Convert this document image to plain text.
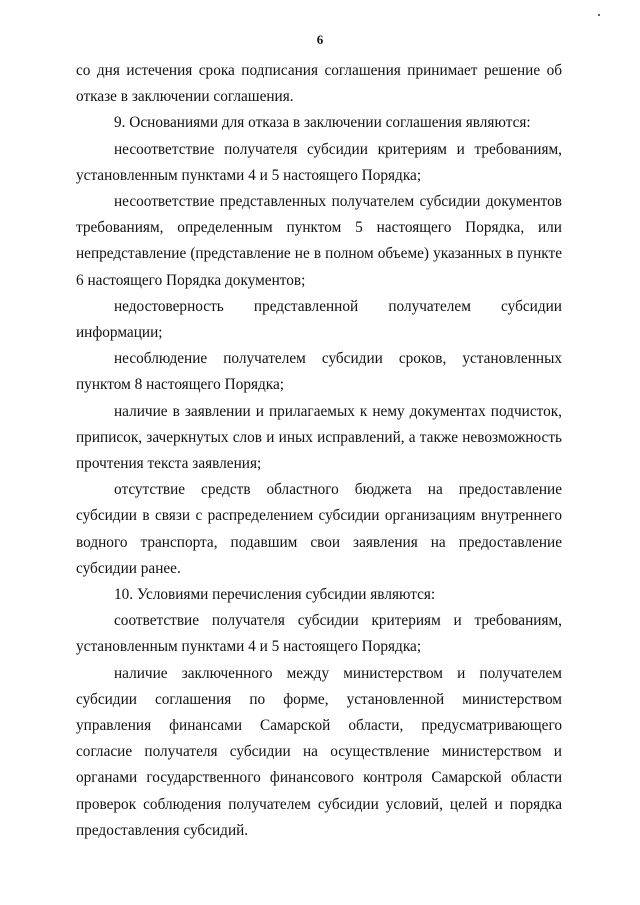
6

со дня истечения срока подписания соглашения принимает решение об отказе в заключении соглашения.

9. Основаниями для отказа в заключении соглашения являются:

несоответствие получателя субсидии критериям и требованиям, установленным пунктами 4 и 5 настоящего Порядка;

несоответствие представленных получателем субсидии документов требованиям, определенным пунктом 5 настоящего Порядка, или непредставление (представление не в полном объеме) указанных в пункте 6 настоящего Порядка документов;

недостоверность представленной получателем субсидии информации;

несоблюдение получателем субсидии сроков, установленных пунктом 8 настоящего Порядка;

наличие в заявлении и прилагаемых к нему документах подчисток, приписок, зачеркнутых слов и иных исправлений, а также невозможность прочтения текста заявления;

отсутствие средств областного бюджета на предоставление субсидии в связи с распределением субсидии организациям внутреннего водного транспорта, подавшим свои заявления на предоставление субсидии ранее.

10. Условиями перечисления субсидии являются:

соответствие получателя субсидии критериям и требованиям, установленным пунктами 4 и 5 настоящего Порядка;

наличие заключенного между министерством и получателем субсидии соглашения по форме, установленной министерством управления финансами Самарской области, предусматривающего согласие получателя субсидии на осуществление министерством и органами государственного финансового контроля Самарской области проверок соблюдения получателем субсидии условий, целей и порядка предоставления субсидий.
